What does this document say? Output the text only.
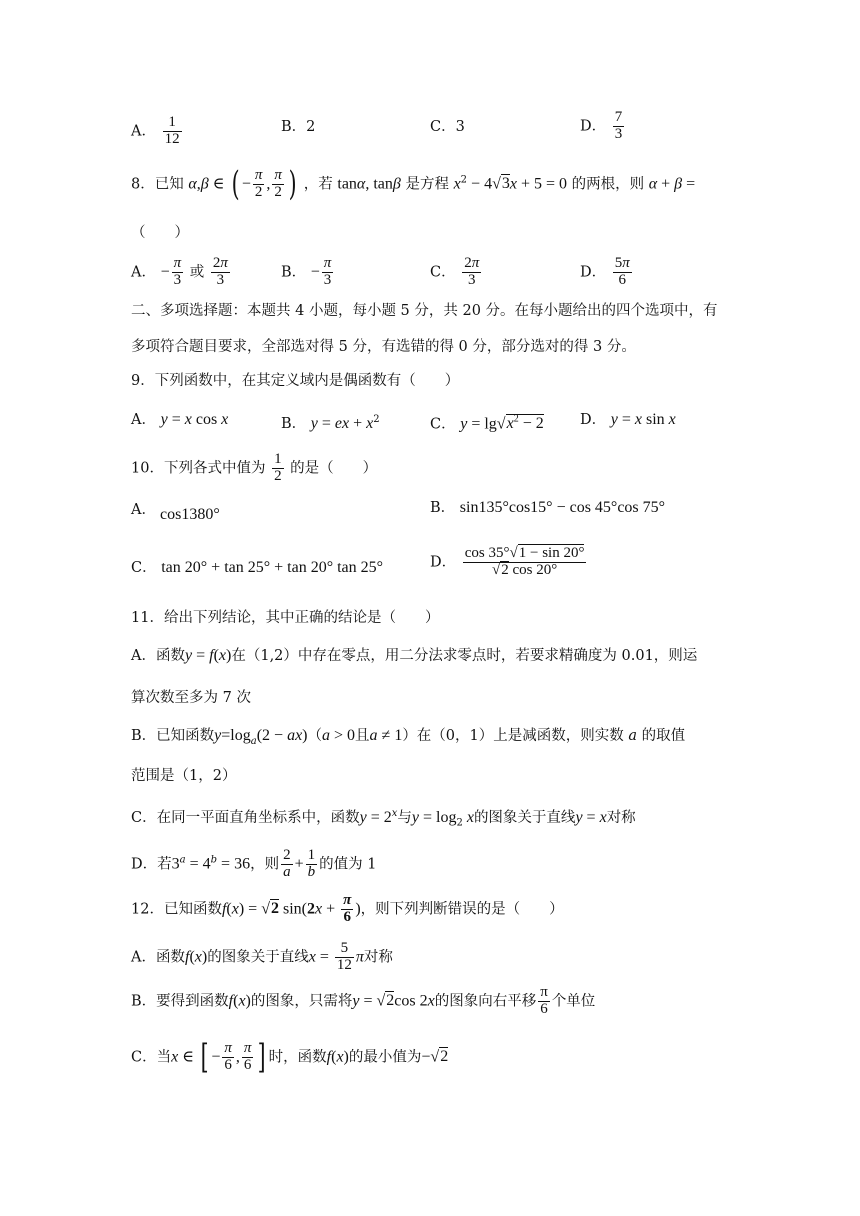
A． $\frac{1}{12}$	B．2	C．3	D． $\frac{7}{3}$
8．已知 α,β ∈ ( − $\frac{\pi}{2}$ , $\frac{\pi}{2}$ ) ，若 tanα, tanβ 是方程 $x^2 - 4√3x + 5 = 0$ 的两根，则 α + β =
（　　）
A． − $\frac{\pi}{3}$ 或 $\frac{2\pi}{3}$	B． − $\frac{\pi}{3}$	C． $\frac{2\pi}{3}$	D． $\frac{5\pi}{6}$
二、多项选择题：本题共 4 小题，每小题 5 分，共 20 分。在每小题给出的四个选项中，有
多项符合题目要求，全部选对得 5 分，有选错的得 0 分，部分选对的得 3 分。
9．下列函数中，在其定义域内是偶函数有（　　）
A． y = x cos x	B． y = ex + $x^2$	C． $y = \lg√x^2 - 2$	D． y = x sin x
10．下列各式中值为 $\frac{1}{2}$ 的是（　　）
A． cos1380°	B． sin135°cos15° − cos 45°cos 75°
C． tan 20° + tan 25° + tan 20° tan 25°	D． $\frac{\cos 35^\circ√1 - \sin 20^\circ}{√2 \cos 20^\circ}$
11．给出下列结论，其中正确的结论是（　　）
A．函数y = f(x)在（1,2）中存在零点，用二分法求零点时，若要求精确度为 0.01，则运
算次数至多为 7 次
B．已知函数$y=\log_a(2 - ax)(a > 0$且a ≠ 1）在（0，1）上是减函数，则实数 a 的取值
范围是（1，2）
C．在同一平面直角坐标系中，函数$y = 2^x$与$y = \log_2 x$的图象关于直线y = x对称
D．若$3^a = 4^b = 36$，则 $\frac{2}{a} + \frac{1}{b}$ 的值为 1
12．已知函数f(x) = √2 $\sin(2x + \frac{\pi}{6}$ )，则下列判断错误的是（　　）
A．函数f(x)的图象关于直线$x = \frac{5}{12}$ π对称
B．要得到函数f(x)的图象，只需将y = √2cos 2x的图象向右平移 $\frac{\pi}{6}$ 个单位
C．当x ∈ [ − $\frac{\pi}{6}$ , $\frac{\pi}{6}$ ] 时，函数f(x)的最小值为−√2
